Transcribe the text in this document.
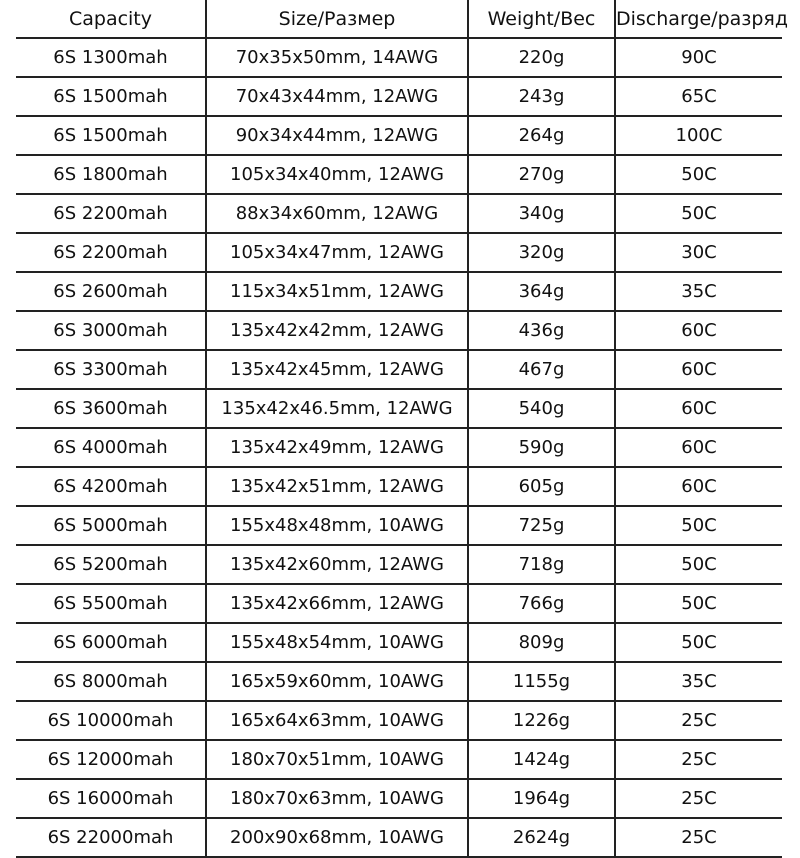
Capacity	Size/Размер	Weight/Вес	Discharge/разряд
6S 1300mah	70x35x50mm, 14AWG	220g	90C
6S 1500mah	70x43x44mm, 12AWG	243g	65C
6S 1500mah	90x34x44mm, 12AWG	264g	100C
6S 1800mah	105x34x40mm, 12AWG	270g	50C
6S 2200mah	88x34x60mm, 12AWG	340g	50C
6S 2200mah	105x34x47mm, 12AWG	320g	30C
6S 2600mah	115x34x51mm, 12AWG	364g	35C
6S 3000mah	135x42x42mm, 12AWG	436g	60C
6S 3300mah	135x42x45mm, 12AWG	467g	60C
6S 3600mah	135x42x46.5mm, 12AWG	540g	60C
6S 4000mah	135x42x49mm, 12AWG	590g	60C
6S 4200mah	135x42x51mm, 12AWG	605g	60C
6S 5000mah	155x48x48mm, 10AWG	725g	50C
6S 5200mah	135x42x60mm, 12AWG	718g	50C
6S 5500mah	135x42x66mm, 12AWG	766g	50C
6S 6000mah	155x48x54mm, 10AWG	809g	50C
6S 8000mah	165x59x60mm, 10AWG	1155g	35C
6S 10000mah	165x64x63mm, 10AWG	1226g	25C
6S 12000mah	180x70x51mm, 10AWG	1424g	25C
6S 16000mah	180x70x63mm, 10AWG	1964g	25C
6S 22000mah	200x90x68mm, 10AWG	2624g	25C
